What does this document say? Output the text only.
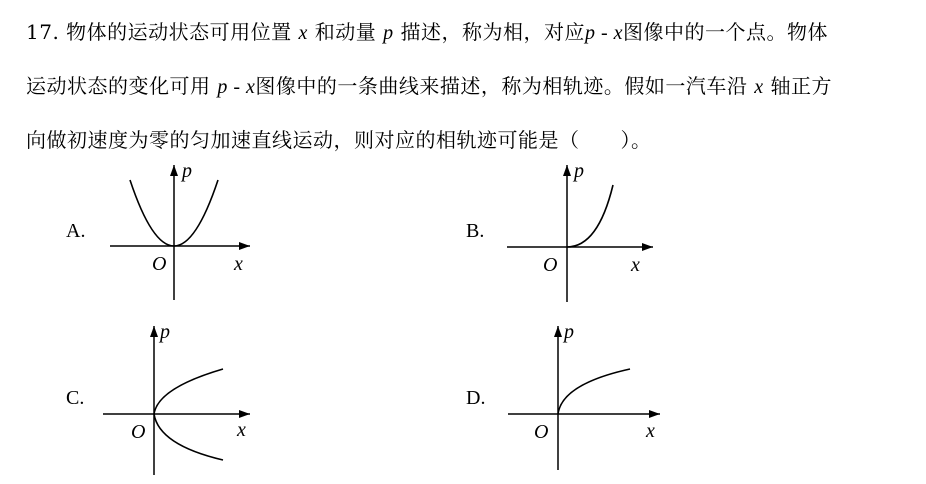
17. 物体的运动状态可用位置 x 和动量 p 描述，称为相，对应p - x图像中的一个点。物体
运动状态的变化可用 p - x图像中的一条曲线来描述，称为相轨迹。假如一汽车沿 x 轴正方
向做初速度为零的匀加速直线运动，则对应的相轨迹可能是（　　）。
A.
p
O	x
B.
p
O	x
C.
p
O	x
D.
p
O	x
